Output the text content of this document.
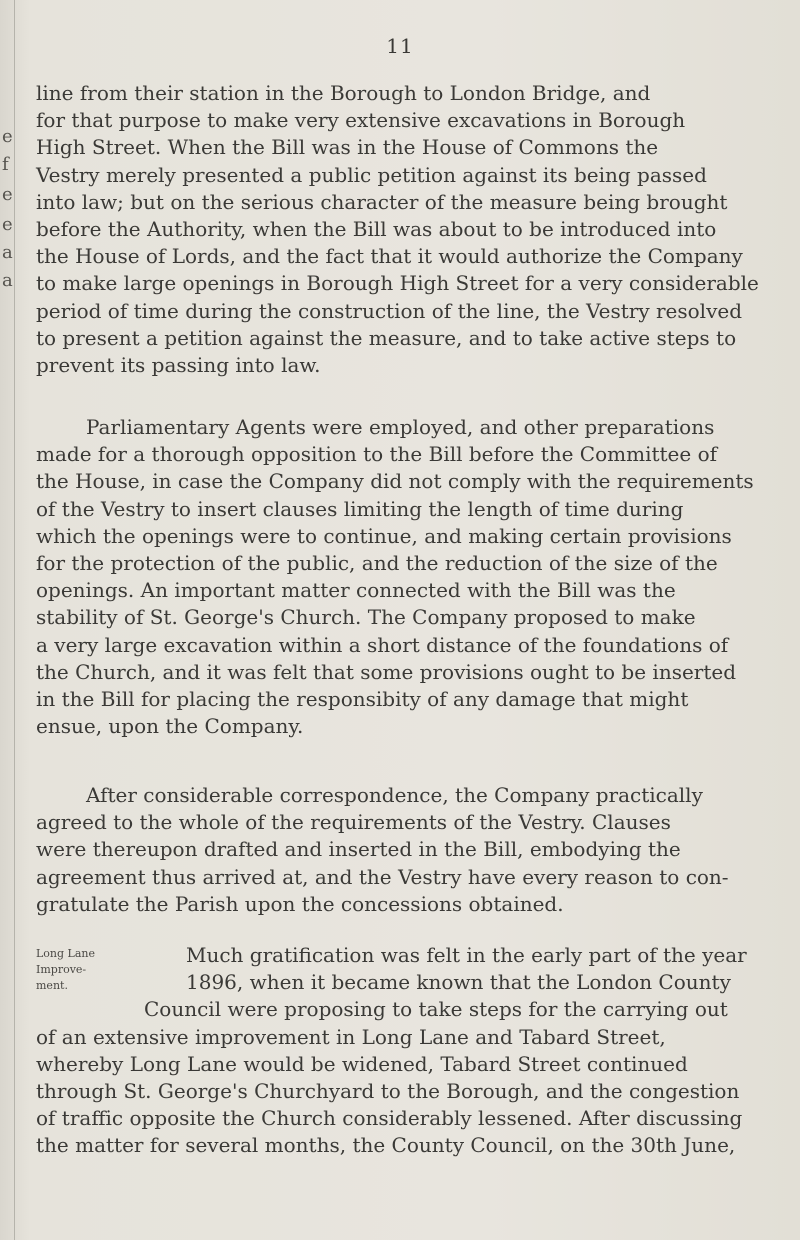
e
f
e
e
a
a
11
line from their station in the Borough to London Bridge, and
for that purpose to make very extensive excavations in Borough
High Street. When the Bill was in the House of Commons the
Vestry merely presented a public petition against its being passed
into law; but on the serious character of the measure being brought
before the Authority, when the Bill was about to be introduced into
the House of Lords, and the fact that it would authorize the Company
to make large openings in Borough High Street for a very considerable
period of time during the construction of the line, the Vestry resolved
to present a petition against the measure, and to take active steps to
prevent its passing into law.
Parliamentary Agents were employed, and other preparations
made for a thorough opposition to the Bill before the Committee of
the House, in case the Company did not comply with the requirements
of the Vestry to insert clauses limiting the length of time during
which the openings were to continue, and making certain provisions
for the protection of the public, and the reduction of the size of the
openings. An important matter connected with the Bill was the
stability of St. George's Church. The Company proposed to make
a very large excavation within a short distance of the foundations of
the Church, and it was felt that some provisions ought to be inserted
in the Bill for placing the responsibity of any damage that might
ensue, upon the Company.
After considerable correspondence, the Company practically
agreed to the whole of the requirements of the Vestry. Clauses
were thereupon drafted and inserted in the Bill, embodying the
agreement thus arrived at, and the Vestry have every reason to con-
gratulate the Parish upon the concessions obtained.
Long Lane
Improve-
ment.
Much gratification was felt in the early part of the year
1896, when it became known that the London County
Council were proposing to take steps for the carrying out
of an extensive improvement in Long Lane and Tabard Street,
whereby Long Lane would be widened, Tabard Street continued
through St. George's Churchyard to the Borough, and the congestion
of traffic opposite the Church considerably lessened. After discussing
the matter for several months, the County Council, on the 30th June,
